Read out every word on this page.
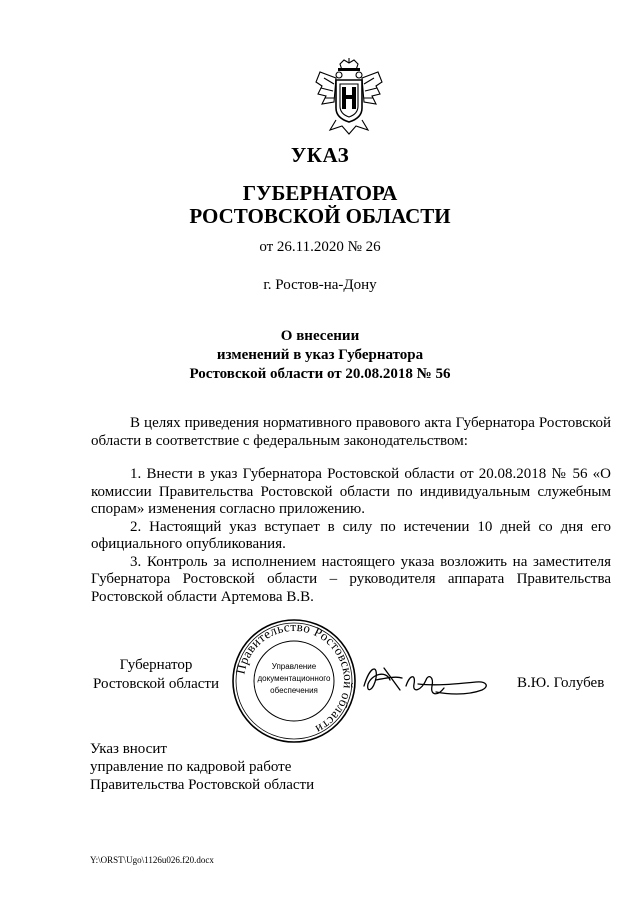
УКАЗ
ГУБЕРНАТОРА
РОСТОВСКОЙ ОБЛАСТИ
от 26.11.2020 № 26
г. Ростов-на-Дону
О внесении
изменений в указ Губернатора
Ростовской области от 20.08.2018 № 56

В целях приведения нормативного правового акта Губернатора Ростовской области в соответствие с федеральным законодательством:

1. Внести в указ Губернатора Ростовской области от 20.08.2018 № 56 «О комиссии Правительства Ростовской области по индивидуальным служебным спорам» изменения согласно приложению.

2. Настоящий указ вступает в силу по истечении 10 дней со дня его официального опубликования.

3. Контроль за исполнением настоящего указа возложить на заместителя Губернатора Ростовской области – руководителя аппарата Правительства Ростовской области Артемова В.В.

Губернатор
Ростовской области
Правительство Ростовской области
Управление
документационного
обеспечения	В.Ю. Голубев
Указ вносит
управление по кадровой работе
Правительства Ростовской области
Y:\ORST\Ugo\1126u026.f20.docx
